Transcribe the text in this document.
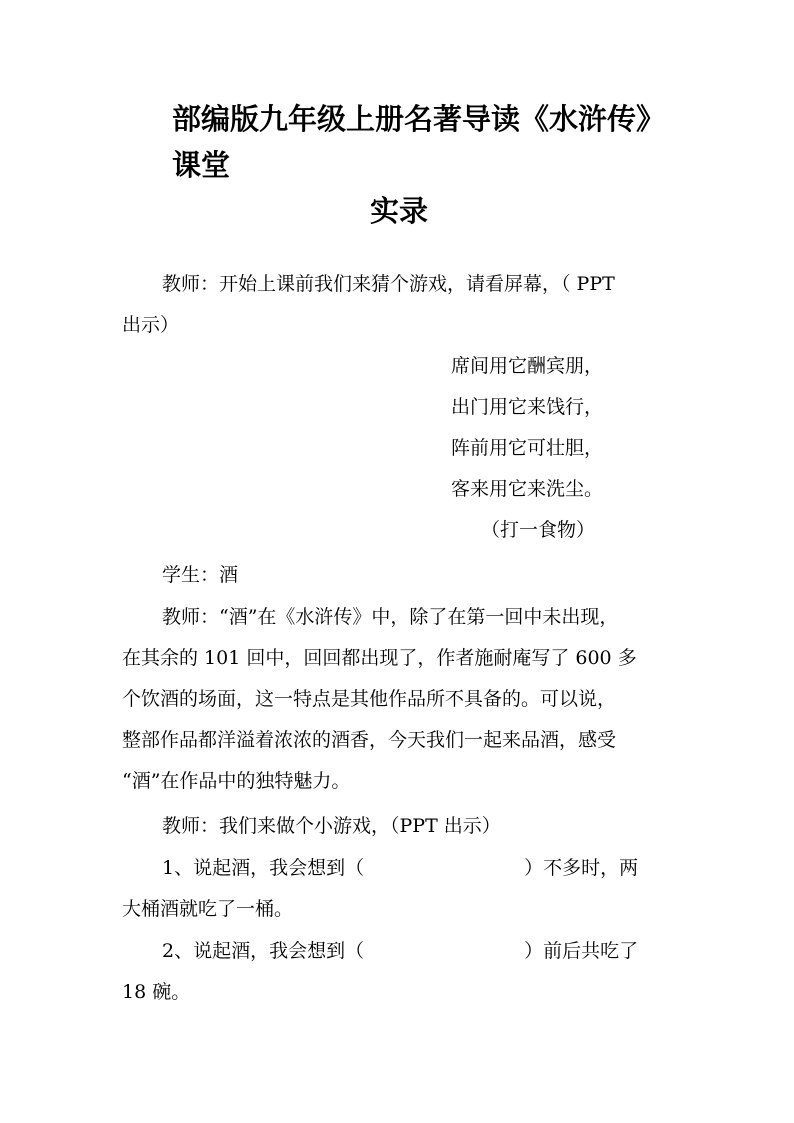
部编版九年级上册名著导读《水浒传》课堂
实录
教师：开始上课前我们来猜个游戏，请看屏幕，（ PPT
出示）
席间用它酬宾朋，
出门用它来饯行，
阵前用它可壮胆，
客来用它来洗尘。
（打一食物）
学生：酒
教师：“酒”在《水浒传》中，除了在第一回中未出现，
在其余的 101 回中，回回都出现了，作者施耐庵写了 600 多
个饮酒的场面，这一特点是其他作品所不具备的。可以说，
整部作品都洋溢着浓浓的酒香，今天我们一起来品酒，感受
“酒”在作品中的独特魅力。
教师：我们来做个小游戏，（PPT 出示）
1、说起酒，我会想到（	）不多时，两
大桶酒就吃了一桶。
2、说起酒，我会想到（	）前后共吃了
18 碗。
